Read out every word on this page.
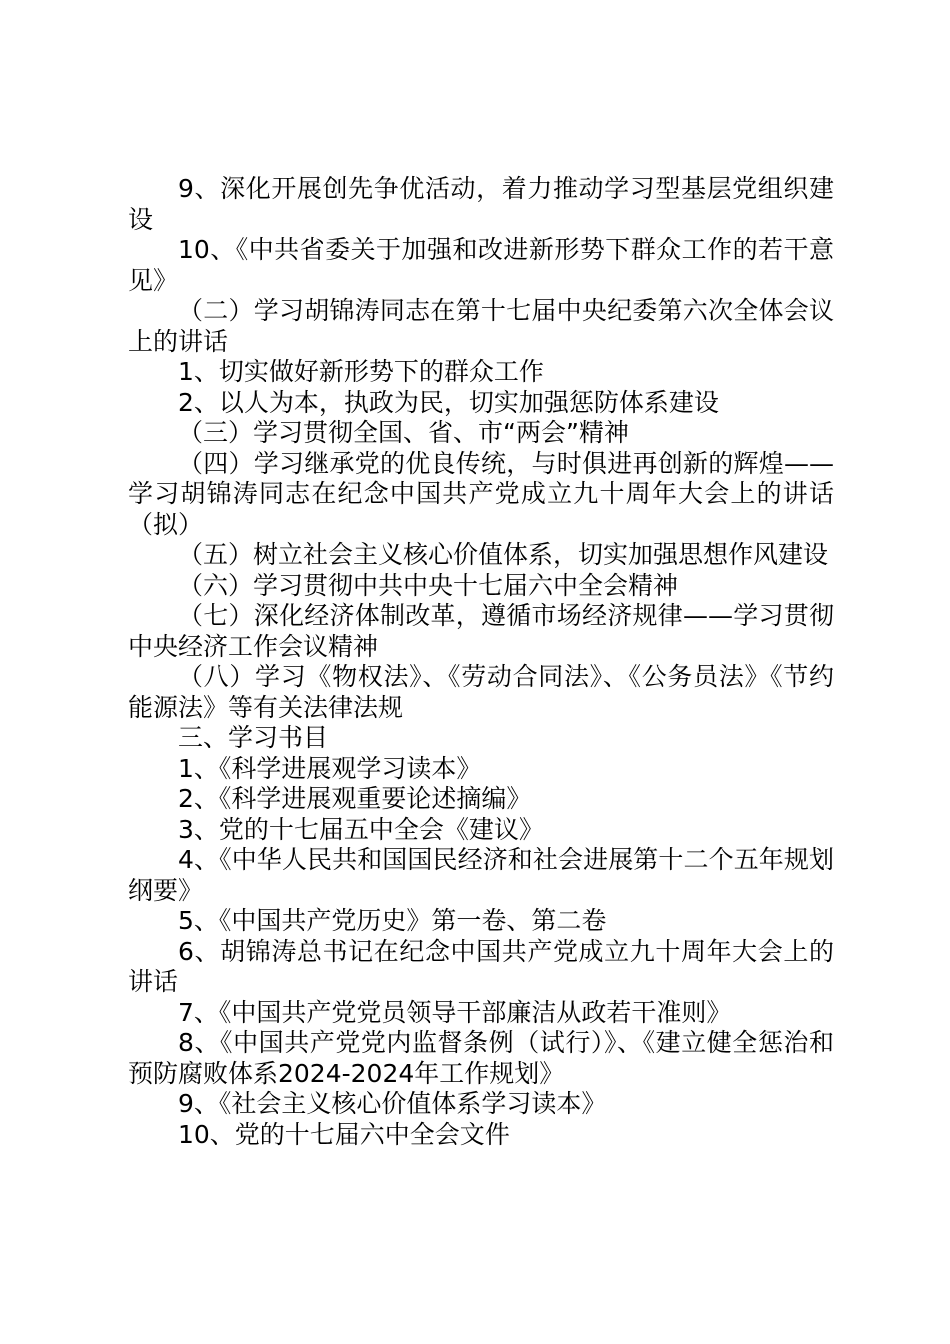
9、深化开展创先争优活动，着力推动学习型基层党组织建设

10、《中共省委关于加强和改进新形势下群众工作的若干意见》

（二）学习胡锦涛同志在第十七届中央纪委第六次全体会议上的讲话

1、切实做好新形势下的群众工作

2、以人为本，执政为民，切实加强惩防体系建设

（三）学习贯彻全国、省、市“两会”精神

（四）学习继承党的优良传统，与时俱进再创新的辉煌——学习胡锦涛同志在纪念中国共产党成立九十周年大会上的讲话（拟）

（五）树立社会主义核心价值体系，切实加强思想作风建设

（六）学习贯彻中共中央十七届六中全会精神

（七）深化经济体制改革，遵循市场经济规律——学习贯彻中央经济工作会议精神

（八）学习《物权法》、《劳动合同法》、《公务员法》《节约能源法》等有关法律法规

三、学习书目

1、《科学进展观学习读本》

2、《科学进展观重要论述摘编》

3、党的十七届五中全会《建议》

4、《中华人民共和国国民经济和社会进展第十二个五年规划纲要》

5、《中国共产党历史》第一卷、第二卷

6、胡锦涛总书记在纪念中国共产党成立九十周年大会上的讲话

7、《中国共产党党员领导干部廉洁从政若干准则》

8、《中国共产党党内监督条例（试行）》、《建立健全惩治和预防腐败体系2024-2024年工作规划》

9、《社会主义核心价值体系学习读本》

10、党的十七届六中全会文件
